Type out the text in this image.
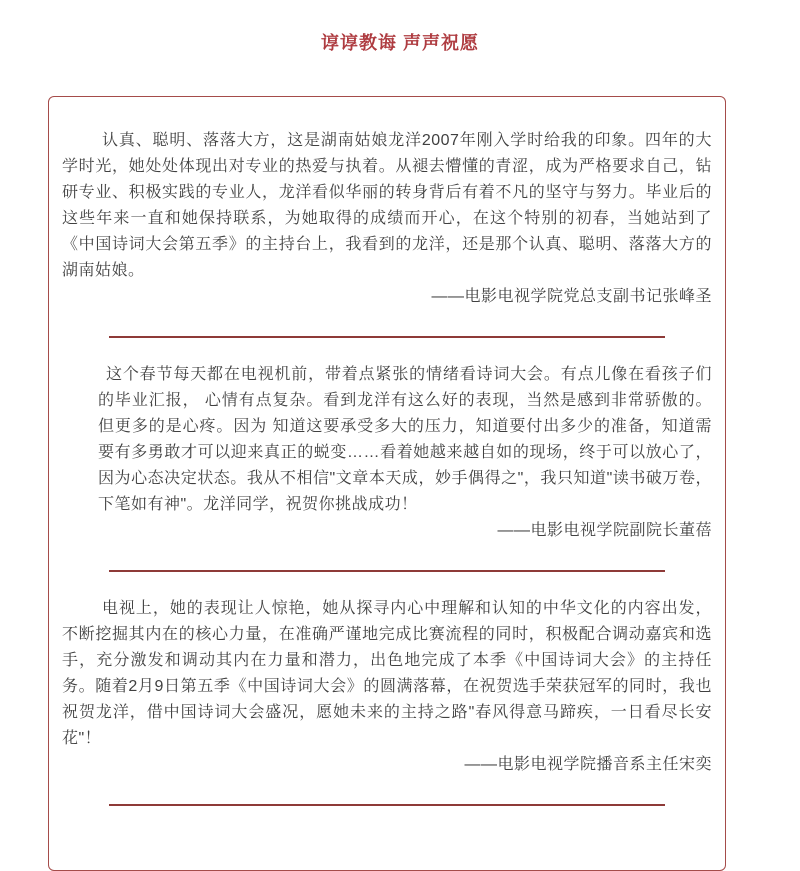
谆谆教诲 声声祝愿

认真、聪明、落落大方，这是湖南姑娘龙洋2007年刚入学时给我的印象。四年的大学时光，她处处体现出对专业的热爱与执着。从褪去懵懂的青涩，成为严格要求自己，钻研专业、积极实践的专业人，龙洋看似华丽的转身背后有着不凡的坚守与努力。毕业后的这些年来一直和她保持联系，为她取得的成绩而开心，在这个特别的初春，当她站到了《中国诗词大会第五季》的主持台上，我看到的龙洋，还是那个认真、聪明、落落大方的湖南姑娘。

——电影电视学院党总支副书记张峰圣

这个春节每天都在电视机前，带着点紧张的情绪看诗词大会。有点儿像在看孩子们的毕业汇报， 心情有点复杂。看到龙洋有这么好的表现，当然是感到非常骄傲的。但更多的是心疼。因为 知道这要承受多大的压力，知道要付出多少的准备，知道需要有多勇敢才可以迎来真正的蜕变……看着她越来越自如的现场，终于可以放心了，因为心态决定状态。我从不相信"文章本天成，妙手偶得之"，我只知道"读书破万卷，下笔如有神"。龙洋同学，祝贺你挑战成功！

——电影电视学院副院长董蓓

电视上，她的表现让人惊艳，她从探寻内心中理解和认知的中华文化的内容出发，不断挖掘其内在的核心力量，在准确严谨地完成比赛流程的同时，积极配合调动嘉宾和选手，充分激发和调动其内在力量和潜力，出色地完成了本季《中国诗词大会》的主持任务。随着2月9日第五季《中国诗词大会》的圆满落幕，在祝贺选手荣获冠军的同时，我也祝贺龙洋，借中国诗词大会盛况，愿她未来的主持之路"春风得意马蹄疾，一日看尽长安花"！

——电影电视学院播音系主任宋奕
